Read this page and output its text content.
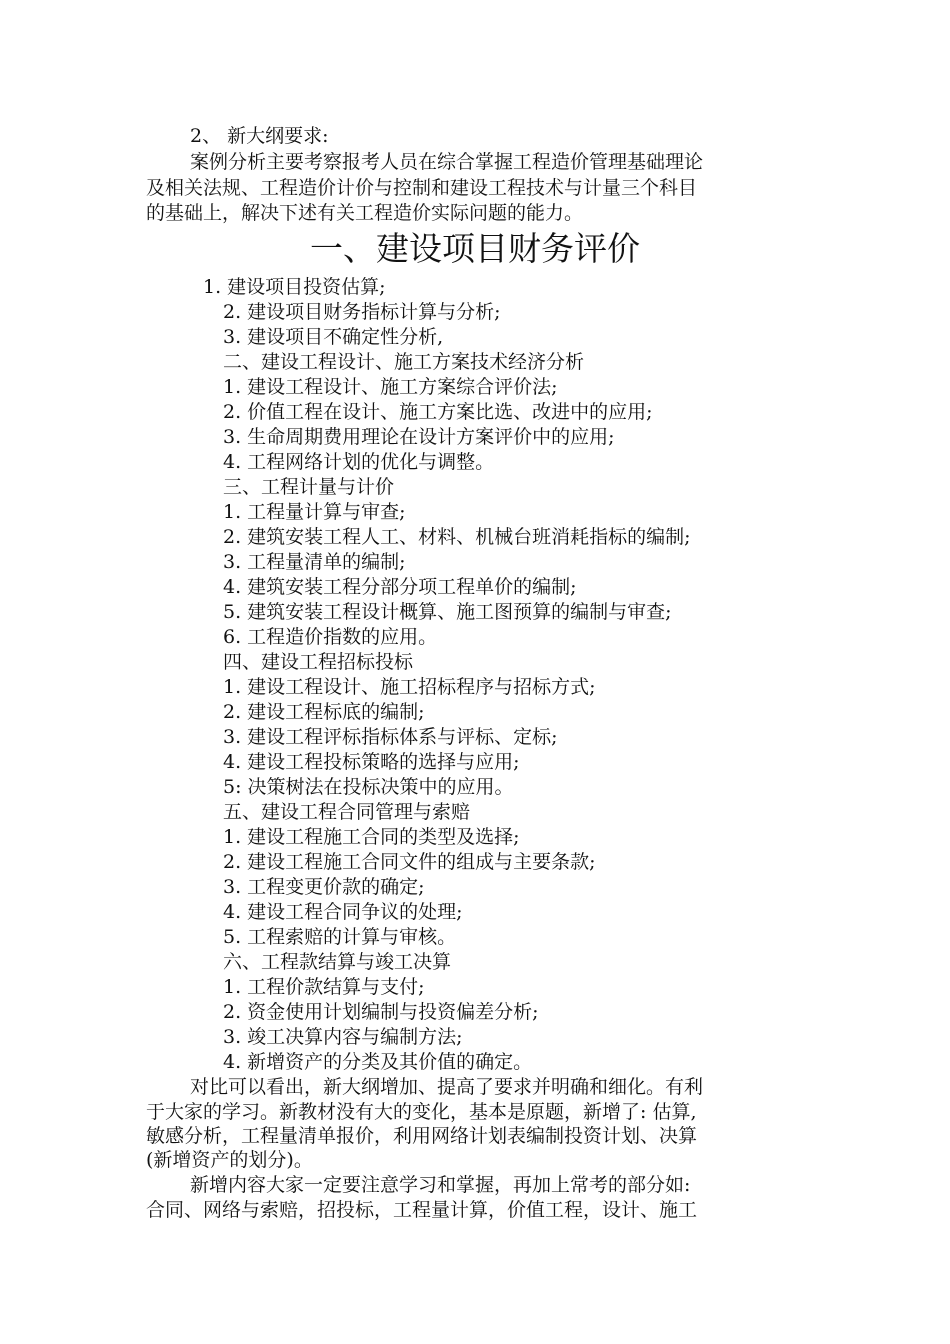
2、 新大纲要求:
案例分析主要考察报考人员在综合掌握工程造价管理基础理论
及相关法规、工程造价计价与控制和建设工程技术与计量三个科目
的基础上，解决下述有关工程造价实际问题的能力。
一、建设项目财务评价
1. 建设项目投资估算;
2. 建设项目财务指标计算与分析;
3. 建设项目不确定性分析,
二、建设工程设计、施工方案技术经济分析
1. 建设工程设计、施工方案综合评价法;
2. 价值工程在设计、施工方案比选、改进中的应用;
3. 生命周期费用理论在设计方案评价中的应用;
4. 工程网络计划的优化与调整。
三、工程计量与计价
1. 工程量计算与审查;
2. 建筑安装工程人工、材料、机械台班消耗指标的编制;
3. 工程量清单的编制;
4. 建筑安装工程分部分项工程单价的编制;
5. 建筑安装工程设计概算、施工图预算的编制与审查;
6. 工程造价指数的应用。
四、建设工程招标投标
1. 建设工程设计、施工招标程序与招标方式;
2. 建设工程标底的编制;
3. 建设工程评标指标体系与评标、定标;
4. 建设工程投标策略的选择与应用;
5: 决策树法在投标决策中的应用。
五、建设工程合同管理与索赔
1. 建设工程施工合同的类型及选择;
2. 建设工程施工合同文件的组成与主要条款;
3. 工程变更价款的确定;
4. 建设工程合同争议的处理;
5. 工程索赔的计算与审核。
六、工程款结算与竣工决算
1. 工程价款结算与支付;
2. 资金使用计划编制与投资偏差分析;
3. 竣工决算内容与编制方法;
4. 新增资产的分类及其价值的确定。
对比可以看出，新大纲增加、提高了要求并明确和细化。有利
于大家的学习。新教材没有大的变化，基本是原题，新增了: 估算,
敏感分析，工程量清单报价，利用网络计划表编制投资计划、决算
(新增资产的划分)。
新增内容大家一定要注意学习和掌握，再加上常考的部分如:
合同、网络与索赔，招投标，工程量计算，价值工程，设计、施工
